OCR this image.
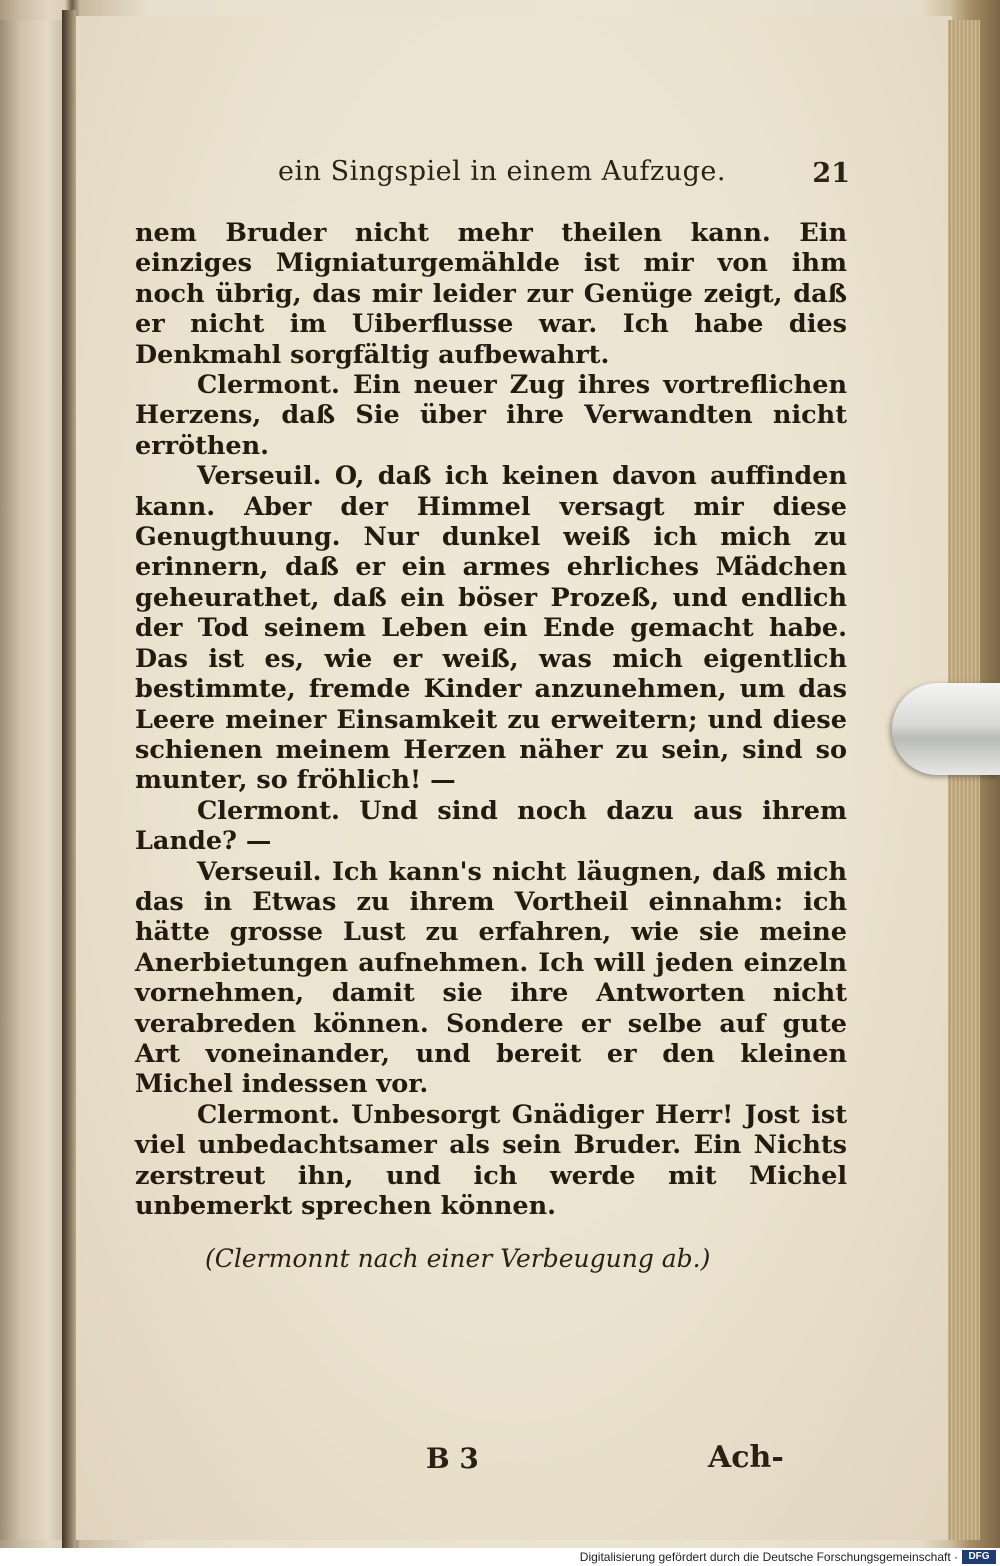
ein Singspiel in einem Aufzuge.	21

nem Bruder nicht mehr theilen kann. Ein einziges Migniaturgemählde ist mir von ihm noch übrig, das mir leider zur Genüge zeigt, daß er nicht im Uiberflusse war. Ich habe dies Denkmahl sorgfältig aufbewahrt.

Clermont. Ein neuer Zug ihres vortreflichen Herzens, daß Sie über ihre Verwandten nicht erröthen.

Verseuil. O, daß ich keinen davon auffinden kann. Aber der Himmel versagt mir diese Genugthuung. Nur dunkel weiß ich mich zu erinnern, daß er ein armes ehrliches Mädchen geheurathet, daß ein böser Prozeß, und endlich der Tod seinem Leben ein Ende gemacht habe. Das ist es, wie er weiß, was mich eigentlich bestimmte, fremde Kinder anzunehmen, um das Leere meiner Einsamkeit zu erweitern; und diese schienen meinem Herzen näher zu sein, sind so munter, so fröhlich! —

Clermont. Und sind noch dazu aus ihrem Lande? —

Verseuil. Ich kann's nicht läugnen, daß mich das in Etwas zu ihrem Vortheil einnahm: ich hätte grosse Lust zu erfahren, wie sie meine Anerbietungen aufnehmen. Ich will jeden einzeln vornehmen, damit sie ihre Antworten nicht verabreden können. Sondere er selbe auf gute Art voneinander, und bereit er den kleinen Michel indessen vor.

Clermont. Unbesorgt Gnädiger Herr! Jost ist viel unbedachtsamer als sein Bruder. Ein Nichts zerstreut ihn, und ich werde mit Michel unbemerkt sprechen können.

(Clermonnt nach einer Verbeugung ab.)
B 3	Ach-
Digitalisierung gefördert durch die Deutsche Forschungsgemeinschaft ·	DFG
